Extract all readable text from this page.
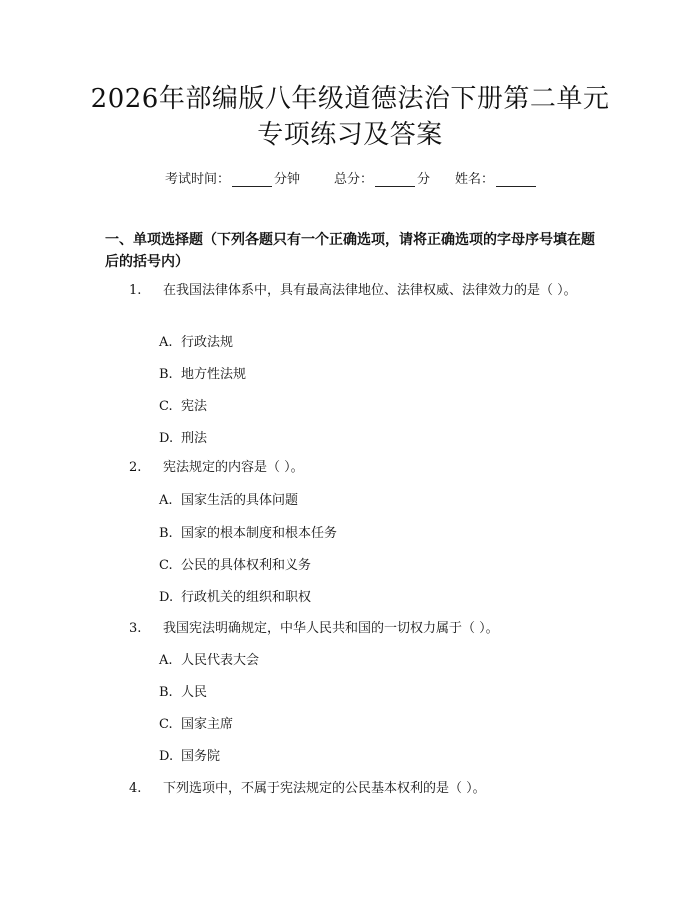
2026年部编版八年级道德法治下册第二单元
专项练习及答案
考试时间：	分钟	总分：	分 姓名：
一、单项选择题（下列各题只有一个正确选项，请将正确选项的字母序号填在题后的括号内）
1. 在我国法律体系中，具有最高法律地位、法律权威、法律效力的是（ ）。
A. 行政法规
B. 地方性法规
C. 宪法
D. 刑法
2. 宪法规定的内容是（ ）。
A. 国家生活的具体问题
B. 国家的根本制度和根本任务
C. 公民的具体权利和义务
D. 行政机关的组织和职权
3. 我国宪法明确规定，中华人民共和国的一切权力属于（ ）。
A. 人民代表大会
B. 人民
C. 国家主席
D. 国务院
4. 下列选项中，不属于宪法规定的公民基本权利的是（ ）。
